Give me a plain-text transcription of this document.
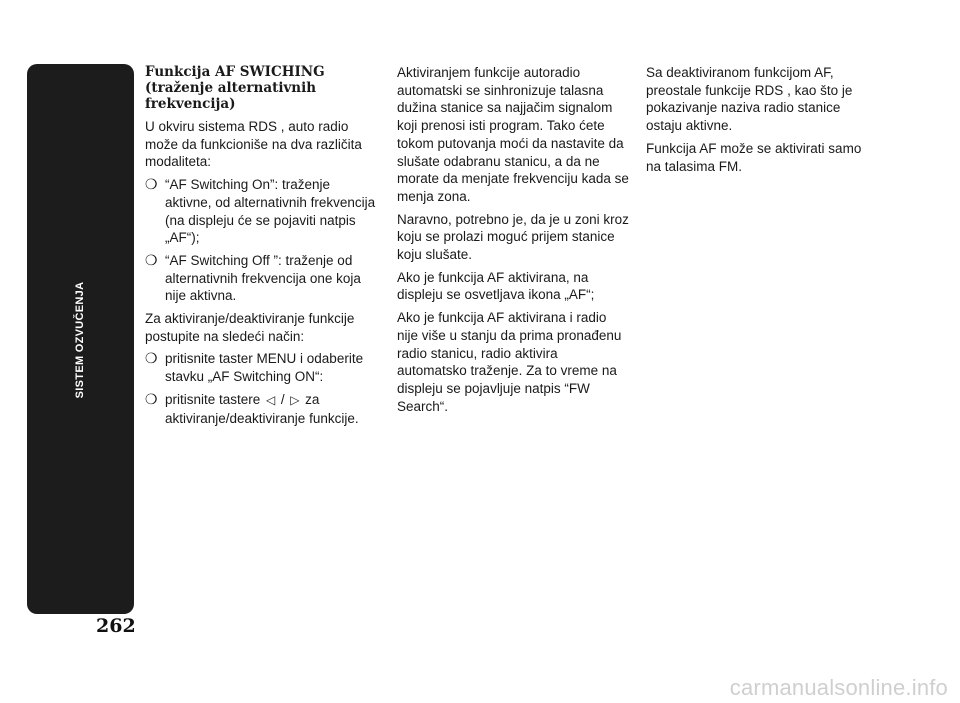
SISTEM OZVUČENJA
262
Funkcija AF SWICHING
(traženje alternativnih
frekvencija)

U okviru sistema RDS , auto radio može da funkcioniše na dva različita modaliteta:

❍ “AF Switching On”: traženje aktivne, od alternativnih frekvencija (na displeju će se pojaviti natpis „AF“);
❍ “AF Switching Off ”: traženje od alternativnih frekvencija one koja nije aktivna.

Za aktiviranje/deaktiviranje funkcije postupite na sledeći način:

❍ pritisnite taster MENU i odaberite stavku „AF Switching ON“:
❍ pritisnite tastere ◁ / ▷ za aktiviranje/deaktiviranje funkcije.

Aktiviranjem funkcije autoradio automatski se sinhronizuje talasna dužina stanice sa najjačim signalom koji prenosi isti program. Tako ćete tokom putovanja moći da nastavite da slušate odabranu stanicu, a da ne morate da menjate frekvenciju kada se menja zona.

Naravno, potrebno je, da je u zoni kroz koju se prolazi moguć prijem stanice koju slušate.

Ako je funkcija AF aktivirana, na displeju se osvetljava ikona „AF“;

Ako je funkcija AF aktivirana i radio nije više u stanju da prima pronađenu radio stanicu, radio aktivira automatsko traženje. Za to vreme na displeju se pojavljuje natpis “FW Search“.

Sa deaktiviranom funkcijom AF, preostale funkcije RDS , kao što je pokazivanje naziva radio stanice ostaju aktivne.

Funkcija AF može se aktivirati samo na talasima FM.

carmanualsonline.info
